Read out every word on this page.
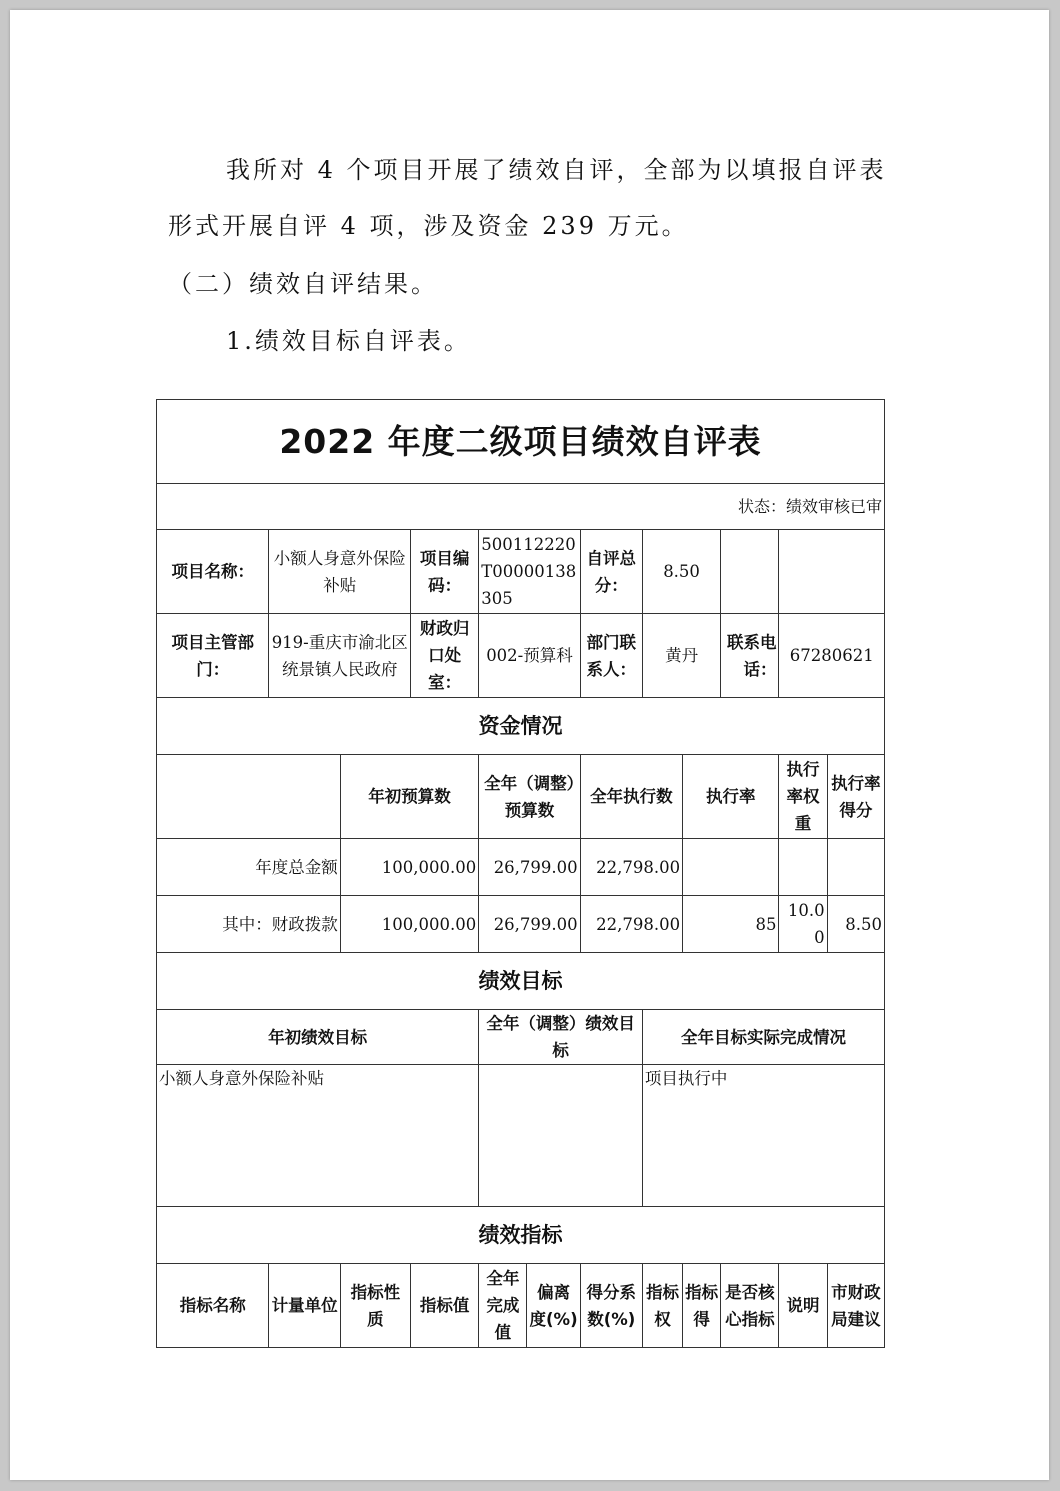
我所对 4 个项目开展了绩效自评，全部为以填报自评表
形式开展自评 4 项，涉及资金 239 万元。
（二）绩效自评结果。
1.绩效目标自评表。
2022 年度二级项目绩效自评表											
状态：绩效审核已审											
项目名称：	小额人身意外保险补贴		项目编码：	500112220T00000138305		自评总分：	8.50				
项目主管部门：	919-重庆市渝北区统景镇人民政府		财政归口处室：	002-预算科		部门联系人：	黄丹		联系电话：	67280621	
资金情况											
		年初预算数		全年（调整）预算数		全年执行数		执行率		执行率权重	执行率得分
年度总金额		100,000.00		26,799.00		22,798.00					
其中：财政拨款		100,000.00		26,799.00		22,798.00		85		10.00	8.50
绩效目标											
年初绩效目标				全年（调整）绩效目标			全年目标实际完成情况				
小额人身意外保险补贴							项目执行中				
绩效指标											
指标名称	计量单位	指标性质	指标值	全年完成值	偏离度(%)	得分系数(%)	指标权	指标得	是否核心指标	说明	市财政局建议
